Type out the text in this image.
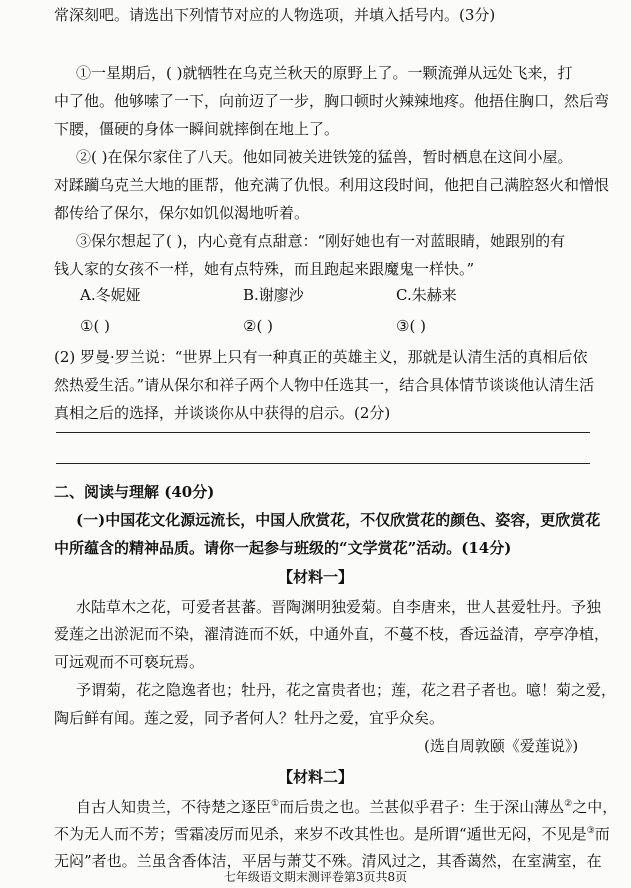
常深刻吧。请选出下列情节对应的人物选项，并填入括号内。(3分)
①一星期后，( )就牺牲在乌克兰秋天的原野上了。一颗流弹从远处飞来，打
中了他。他够嗦了一下，向前迈了一步，胸口顿时火辣辣地疼。他捂住胸口，然后弯
下腰，僵硬的身体一瞬间就摔倒在地上了。
②( )在保尔家住了八天。他如同被关进铁笼的猛兽，暂时栖息在这间小屋。
对蹂躏乌克兰大地的匪帮，他充满了仇恨。利用这段时间，他把自己满腔怒火和憎恨
都传给了保尔，保尔如饥似渴地听着。
③保尔想起了( )，内心竟有点甜意：“刚好她也有一对蓝眼睛，她跟别的有
钱人家的女孩不一样，她有点特殊，而且跑起来跟魔鬼一样快。”
A.冬妮娅	B.谢廖沙	C.朱赫来
①( )	②( )	③( )
(2) 罗曼·罗兰说：“世界上只有一种真正的英雄主义，那就是认清生活的真相后依
然热爱生活。”请从保尔和祥子两个人物中任选其一，结合具体情节谈谈他认清生活
真相之后的选择，并谈谈你从中获得的启示。(2分)
二、阅读与理解 (40分)
(一)中国花文化源远流长，中国人欣赏花，不仅欣赏花的颜色、姿容，更欣赏花
中所蕴含的精神品质。请你一起参与班级的“文学赏花”活动。(14分)
【材料一】
水陆草木之花，可爱者甚蕃。晋陶渊明独爱菊。自李唐来，世人甚爱牡丹。予独
爱莲之出淤泥而不染，濯清涟而不妖，中通外直，不蔓不枝，香远益清，亭亭净植，
可远观而不可亵玩焉。
予谓菊，花之隐逸者也；牡丹，花之富贵者也；莲，花之君子者也。噫！菊之爱，
陶后鲜有闻。莲之爱，同予者何人？牡丹之爱，宜乎众矣。
(选自周敦颐《爱莲说》)
【材料二】
自古人知贵兰，不待楚之逐臣①而后贵之也。兰甚似乎君子：生于深山薄丛②之中，
不为无人而不芳；雪霜凌厉而见杀，来岁不改其性也。是所谓“遁世无闷，不见是③而
无闷”者也。兰虽含香体洁，平居与萧艾不殊。清风过之，其香蔼然，在室满室，在
七年级语文期末测评卷第3页共8页
